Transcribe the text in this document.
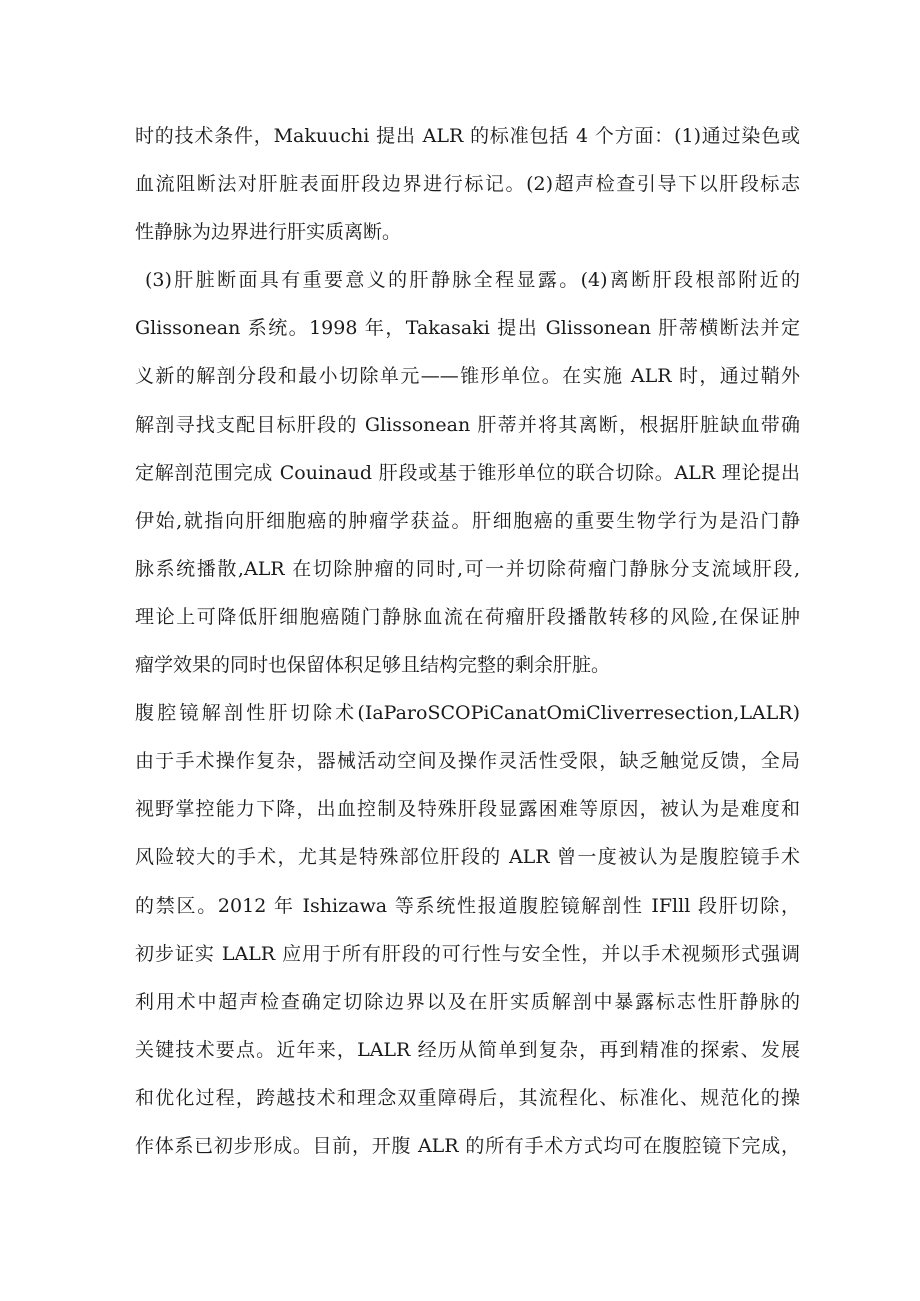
时的技术条件，Makuuchi 提出 ALR 的标准包括 4 个方面：(1)通过染色或
血流阻断法对肝脏表面肝段边界进行标记。(2)超声检查引导下以肝段标志
性静脉为边界进行肝实质离断。
(3)肝脏断面具有重要意义的肝静脉全程显露。(4)离断肝段根部附近的
Glissonean 系统。1998 年，Takasaki 提出 Glissonean 肝蒂横断法并定
义新的解剖分段和最小切除单元——锥形单位。在实施 ALR 时，通过鞘外
解剖寻找支配目标肝段的 Glissonean 肝蒂并将其离断，根据肝脏缺血带确
定解剖范围完成 Couinaud 肝段或基于锥形单位的联合切除。ALR 理论提出
伊始,就指向肝细胞癌的肿瘤学获益。肝细胞癌的重要生物学行为是沿门静
脉系统播散,ALR 在切除肿瘤的同时,可一并切除荷瘤门静脉分支流域肝段,
理论上可降低肝细胞癌随门静脉血流在荷瘤肝段播散转移的风险,在保证肿
瘤学效果的同时也保留体积足够且结构完整的剩余肝脏。
腹腔镜解剖性肝切除术(IaParoSCOPiCanatOmiCliverresection,LALR)
由于手术操作复杂，器械活动空间及操作灵活性受限，缺乏触觉反馈，全局
视野掌控能力下降，出血控制及特殊肝段显露困难等原因，被认为是难度和
风险较大的手术，尤其是特殊部位肝段的 ALR 曾一度被认为是腹腔镜手术
的禁区。2012 年 Ishizawa 等系统性报道腹腔镜解剖性 IFlll 段肝切除，
初步证实 LALR 应用于所有肝段的可行性与安全性，并以手术视频形式强调
利用术中超声检查确定切除边界以及在肝实质解剖中暴露标志性肝静脉的
关键技术要点。近年来，LALR 经历从简单到复杂，再到精准的探索、发展
和优化过程，跨越技术和理念双重障碍后，其流程化、标准化、规范化的操
作体系已初步形成。目前，开腹 ALR 的所有手术方式均可在腹腔镜下完成，
